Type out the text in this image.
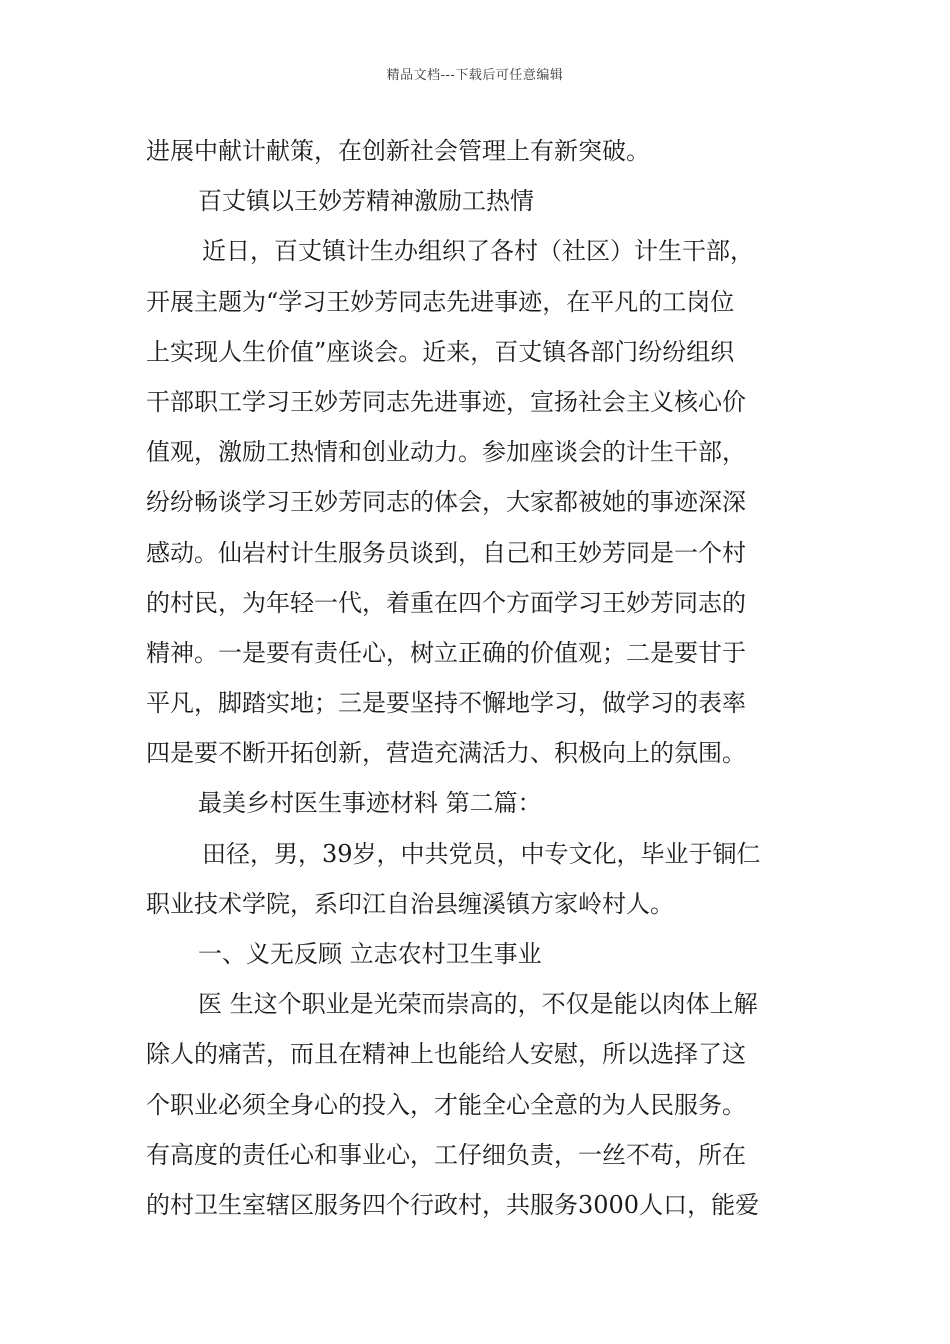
精品文档---下载后可任意编辑
进展中献计献策，在创新社会管理上有新突破。
百丈镇以王妙芳精神激励工热情
近日，百丈镇计生办组织了各村（社区）计生干部，
开展主题为“学习王妙芳同志先进事迹，在平凡的工岗位
上实现人生价值”座谈会。近来，百丈镇各部门纷纷组织
干部职工学习王妙芳同志先进事迹，宣扬社会主义核心价
值观，激励工热情和创业动力。参加座谈会的计生干部，
纷纷畅谈学习王妙芳同志的体会，大家都被她的事迹深深
感动。仙岩村计生服务员谈到，自己和王妙芳同是一个村
的村民，为年轻一代，着重在四个方面学习王妙芳同志的
精神。一是要有责任心，树立正确的价值观；二是要甘于
平凡，脚踏实地；三是要坚持不懈地学习，做学习的表率
四是要不断开拓创新，营造充满活力、积极向上的氛围。
最美乡村医生事迹材料 第二篇：
田径，男，39岁，中共党员，中专文化，毕业于铜仁
职业技术学院，系印江自治县缠溪镇方家岭村人。
一、义无反顾 立志农村卫生事业
医 生这个职业是光荣而崇高的，不仅是能以肉体上解
除人的痛苦，而且在精神上也能给人安慰，所以选择了这
个职业必须全身心的投入，才能全心全意的为人民服务。
有高度的责任心和事业心，工仔细负责，一丝不苟，所在
的村卫生室辖区服务四个行政村，共服务3000人口，能爱
